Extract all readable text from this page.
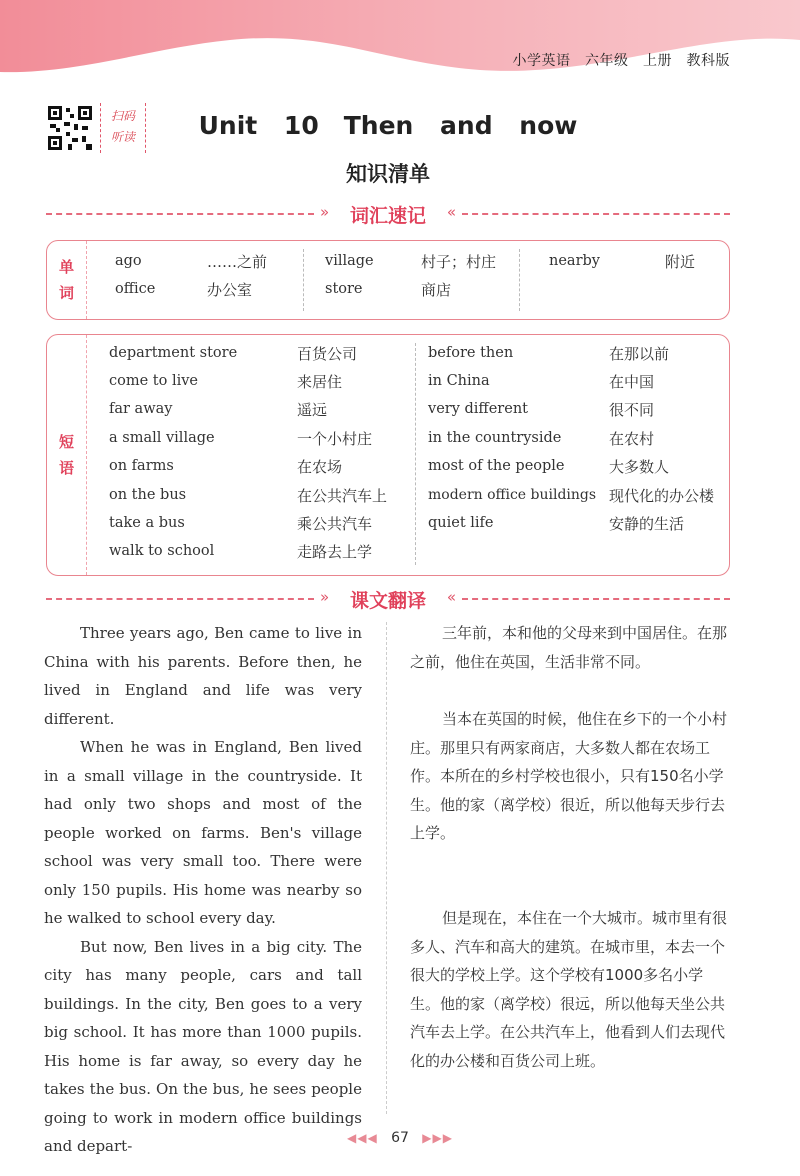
小学英语　六年级　上册　教科版
扫码
听读	Unit 10　Then and now
知识清单
»	词汇速记	«
单
词
ago	……之前
office	办公室
village	村子；村庄
store	商店
nearby	附近
短
语
department store	百货公司
come to live	来居住
far away	遥远
a small village	一个小村庄
on farms	在农场
on the bus	在公共汽车上
take a bus	乘公共汽车
walk to school	走路去上学
before then	在那以前
in China	在中国
very different	很不同
in the countryside	在农村
most of the people	大多数人
modern office buildings 现代化的办公楼
quiet life	安静的生活
»	课文翻译	«

Three years ago, Ben came to live in China with his parents. Before then, he lived in England and life was very different.

When he was in England, Ben lived in a small village in the countryside. It had only two shops and most of the people worked on farms. Ben's village school was very small too. There were only 150 pupils. His home was nearby so he walked to school every day.

But now, Ben lives in a big city. The city has many people, cars and tall buildings. In the city, Ben goes to a very big school. It has more than 1000 pupils. His home is far away, so every day he takes the bus. On the bus, he sees people going to work in modern office buildings and depart-

三年前，本和他的父母来到中国居住。在那之前，他住在英国，生活非常不同。

当本在英国的时候，他住在乡下的一个小村庄。那里只有两家商店，大多数人都在农场工作。本所在的乡村学校也很小，只有150名小学生。他的家（离学校）很近，所以他每天步行去上学。

但是现在，本住在一个大城市。城市里有很多人、汽车和高大的建筑。在城市里，本去一个很大的学校上学。这个学校有1000多名小学生。他的家（离学校）很远，所以他每天坐公共汽车去上学。在公共汽车上，他看到人们去现代化的办公楼和百货公司上班。

◀◀◀ 67 ▶▶▶
